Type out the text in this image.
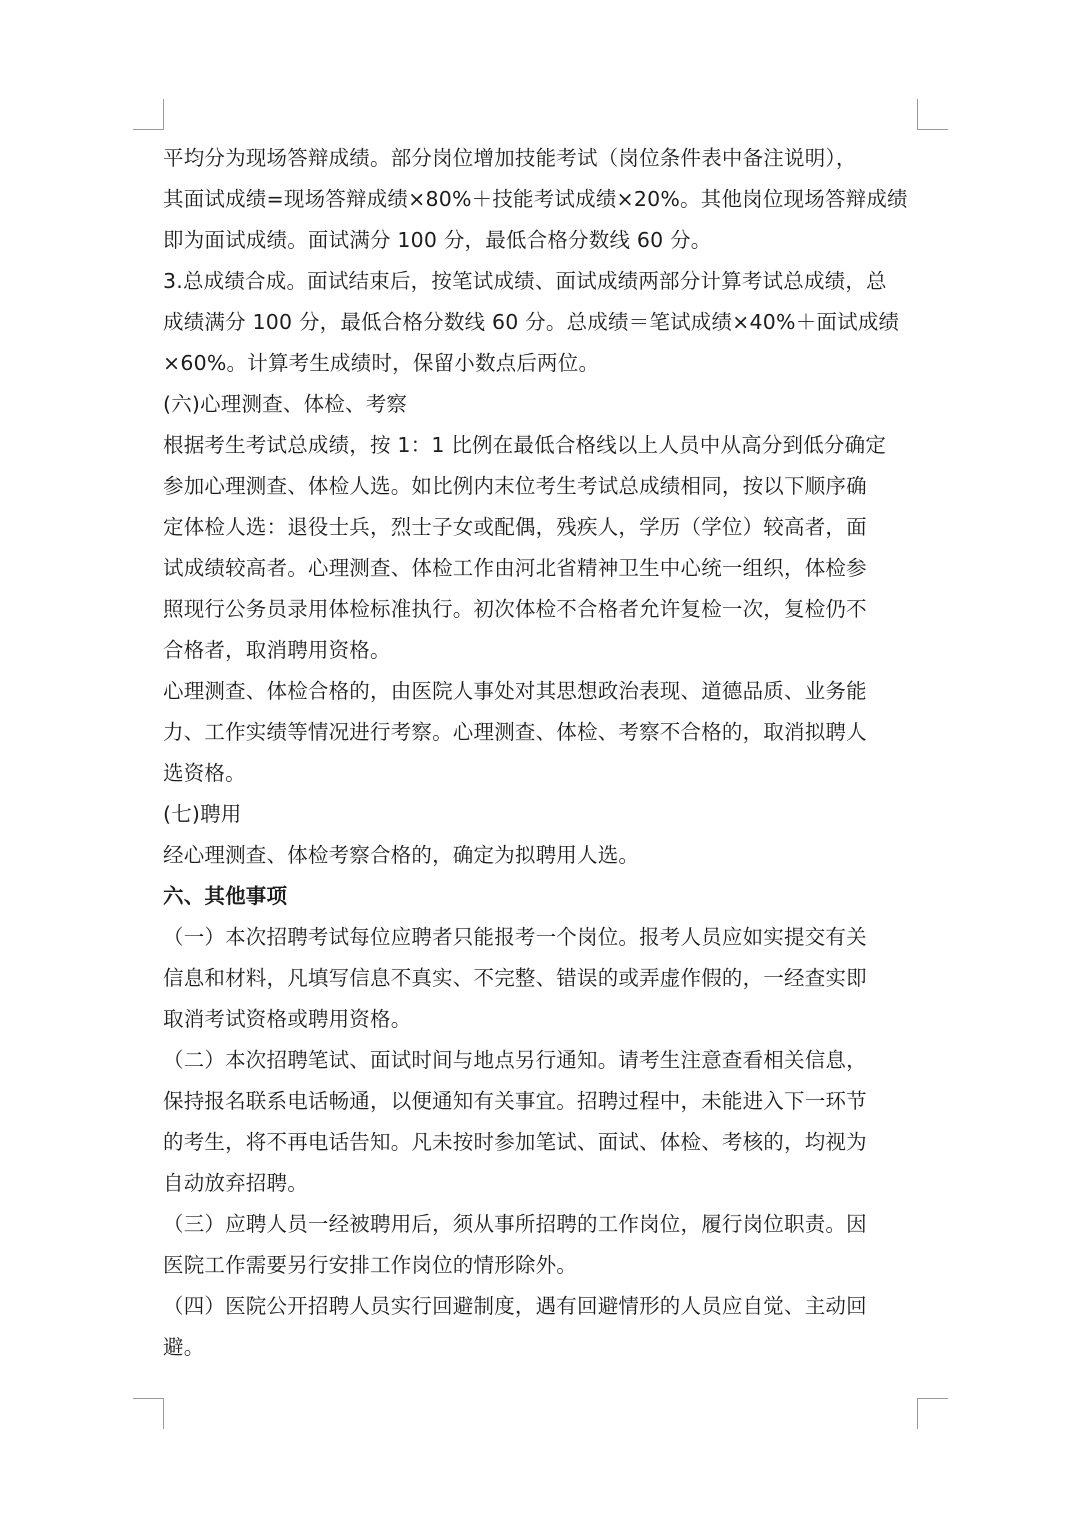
平均分为现场答辩成绩。部分岗位增加技能考试（岗位条件表中备注说明），
其面试成绩=现场答辩成绩×80%＋技能考试成绩×20%。其他岗位现场答辩成绩
即为面试成绩。面试满分 100 分，最低合格分数线 60 分。
3.总成绩合成。面试结束后，按笔试成绩、面试成绩两部分计算考试总成绩，总
成绩满分 100 分，最低合格分数线 60 分。总成绩＝笔试成绩×40%＋面试成绩
×60%。计算考生成绩时，保留小数点后两位。
(六)心理测查、体检、考察
根据考生考试总成绩，按 1：1 比例在最低合格线以上人员中从高分到低分确定
参加心理测查、体检人选。如比例内末位考生考试总成绩相同，按以下顺序确
定体检人选：退役士兵，烈士子女或配偶，残疾人，学历（学位）较高者，面
试成绩较高者。心理测查、体检工作由河北省精神卫生中心统一组织，体检参
照现行公务员录用体检标准执行。初次体检不合格者允许复检一次，复检仍不
合格者，取消聘用资格。
心理测查、体检合格的，由医院人事处对其思想政治表现、道德品质、业务能
力、工作实绩等情况进行考察。心理测查、体检、考察不合格的，取消拟聘人
选资格。
(七)聘用
经心理测查、体检考察合格的，确定为拟聘用人选。
六、其他事项
（一）本次招聘考试每位应聘者只能报考一个岗位。报考人员应如实提交有关
信息和材料，凡填写信息不真实、不完整、错误的或弄虚作假的，一经查实即
取消考试资格或聘用资格。
（二）本次招聘笔试、面试时间与地点另行通知。请考生注意查看相关信息，
保持报名联系电话畅通，以便通知有关事宜。招聘过程中，未能进入下一环节
的考生，将不再电话告知。凡未按时参加笔试、面试、体检、考核的，均视为
自动放弃招聘。
（三）应聘人员一经被聘用后，须从事所招聘的工作岗位，履行岗位职责。因
医院工作需要另行安排工作岗位的情形除外。
（四）医院公开招聘人员实行回避制度，遇有回避情形的人员应自觉、主动回
避。
